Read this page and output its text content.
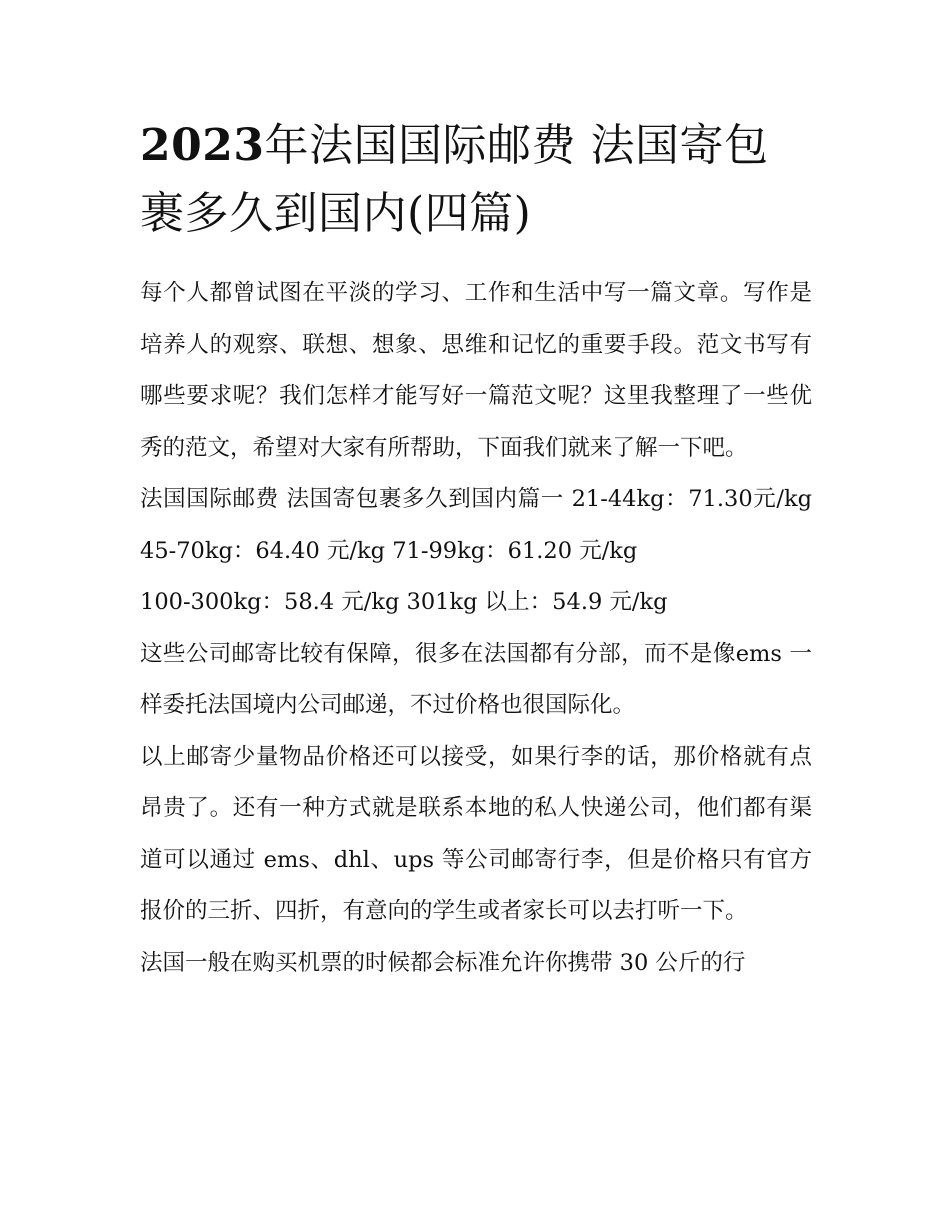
2023年法国国际邮费 法国寄包裹多久到国内(四篇)

每个人都曾试图在平淡的学习、工作和生活中写一篇文章。写作是培养人的观察、联想、想象、思维和记忆的重要手段。范文书写有哪些要求呢？我们怎样才能写好一篇范文呢？这里我整理了一些优秀的范文，希望对大家有所帮助，下面我们就来了解一下吧。

法国国际邮费 法国寄包裹多久到国内篇一 21-44kg：71.30元/kg 45-70kg：64.40 元/kg 71-99kg：61.20 元/kg

100-300kg：58.4 元/kg 301kg 以上：54.9 元/kg

这些公司邮寄比较有保障，很多在法国都有分部，而不是像ems 一样委托法国境内公司邮递，不过价格也很国际化。

以上邮寄少量物品价格还可以接受，如果行李的话，那价格就有点昂贵了。还有一种方式就是联系本地的私人快递公司，他们都有渠道可以通过 ems、dhl、ups 等公司邮寄行李，但是价格只有官方报价的三折、四折，有意向的学生或者家长可以去打听一下。

法国一般在购买机票的时候都会标准允许你携带 30 公斤的行
